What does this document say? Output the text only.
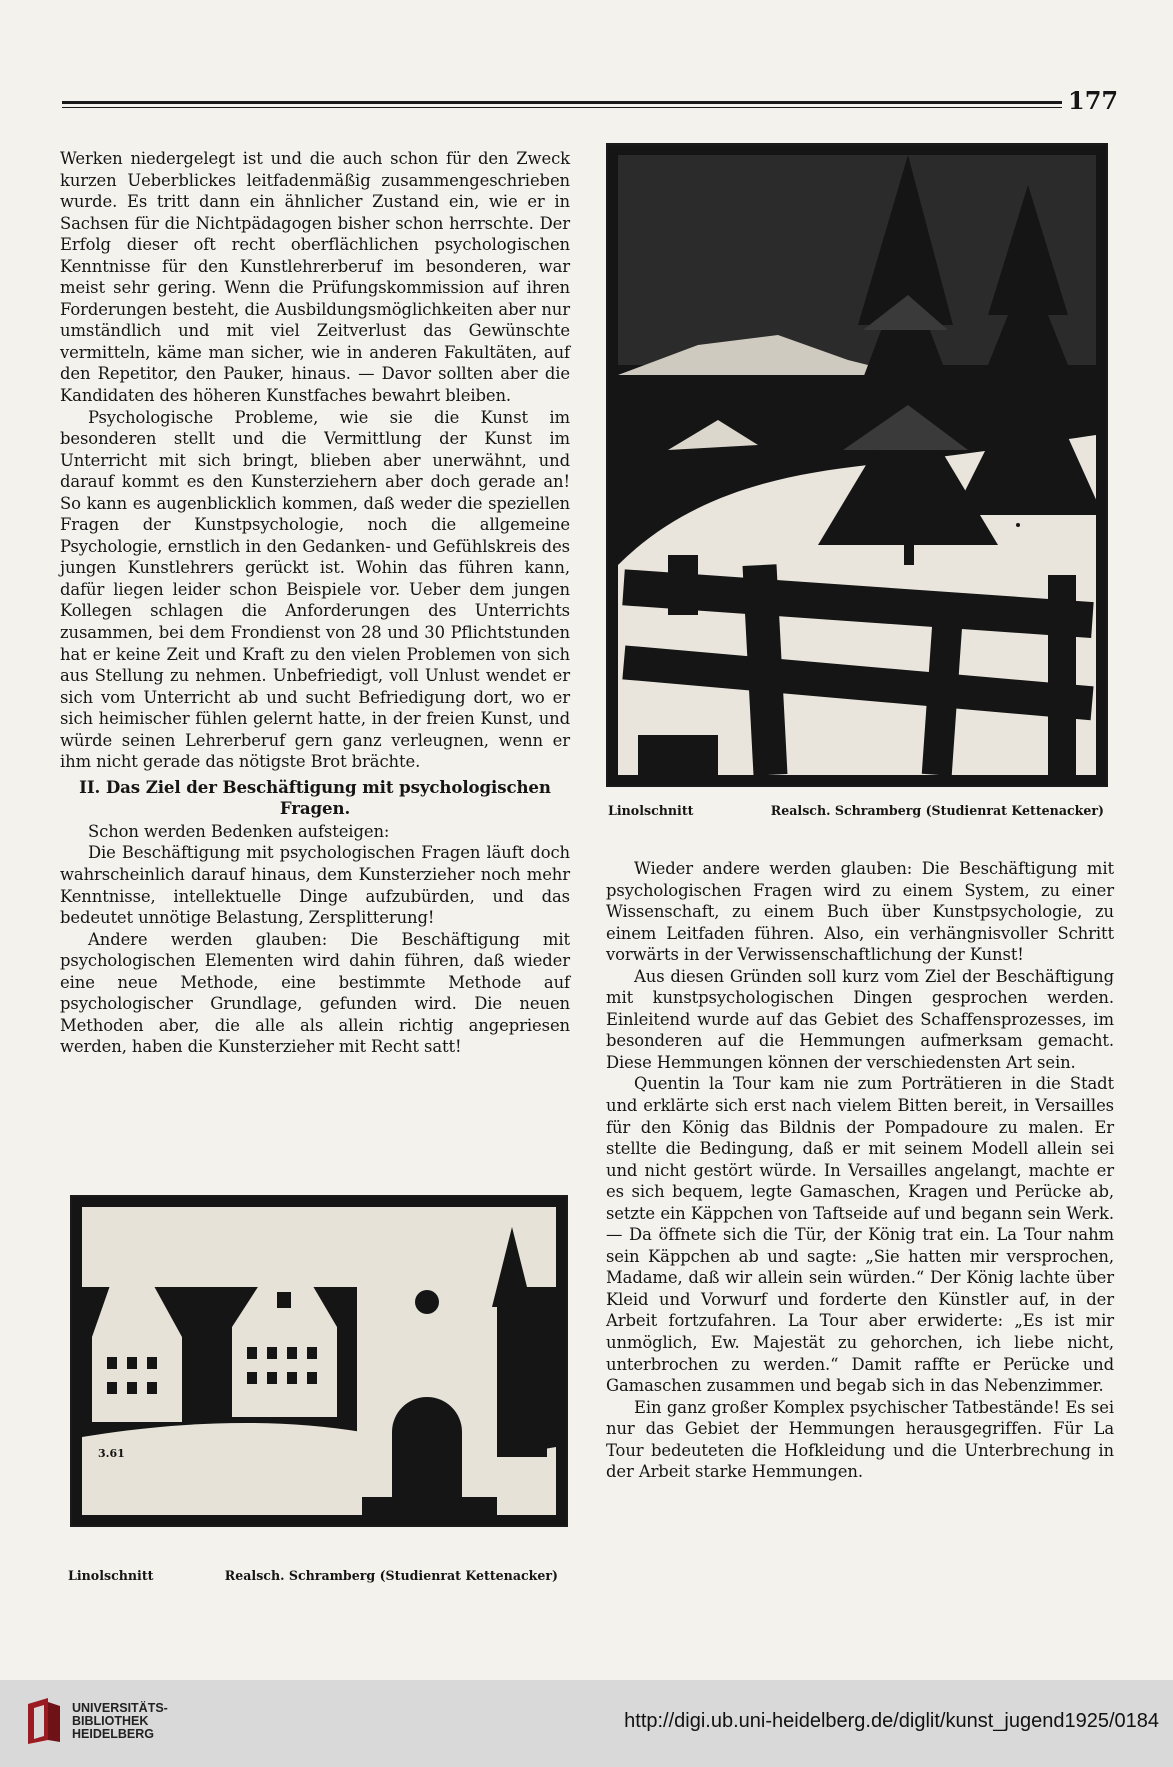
177

Werken niedergelegt ist und die auch schon für den Zweck kurzen Ueberblickes leitfadenmäßig zusammengeschrieben wurde. Es tritt dann ein ähnlicher Zustand ein, wie er in Sachsen für die Nichtpädagogen bisher schon herrschte. Der Erfolg dieser oft recht oberflächlichen psychologischen Kenntnisse für den Kunstlehrerberuf im besonderen, war meist sehr gering. Wenn die Prüfungskommission auf ihren Forderungen besteht, die Ausbildungsmöglichkeiten aber nur umständlich und mit viel Zeitverlust das Gewünschte vermitteln, käme man sicher, wie in anderen Fakultäten, auf den Repetitor, den Pauker, hinaus. — Davor sollten aber die Kandidaten des höheren Kunstfaches bewahrt bleiben.

Psychologische Probleme, wie sie die Kunst im besonderen stellt und die Vermittlung der Kunst im Unterricht mit sich bringt, blieben aber unerwähnt, und darauf kommt es den Kunsterziehern aber doch gerade an! So kann es augenblicklich kommen, daß weder die speziellen Fragen der Kunstpsychologie, noch die allgemeine Psychologie, ernstlich in den Gedanken- und Gefühlskreis des jungen Kunstlehrers gerückt ist. Wohin das führen kann, dafür liegen leider schon Beispiele vor. Ueber dem jungen Kollegen schlagen die Anforderungen des Unterrichts zusammen, bei dem Frondienst von 28 und 30 Pflichtstunden hat er keine Zeit und Kraft zu den vielen Problemen von sich aus Stellung zu nehmen. Unbefriedigt, voll Unlust wendet er sich vom Unterricht ab und sucht Befriedigung dort, wo er sich heimischer fühlen gelernt hatte, in der freien Kunst, und würde seinen Lehrerberuf gern ganz verleugnen, wenn er ihm nicht gerade das nötigste Brot brächte.

II. Das Ziel der Beschäftigung mit psychologischen Fragen.

Schon werden Bedenken aufsteigen:

Die Beschäftigung mit psychologischen Fragen läuft doch wahrscheinlich darauf hinaus, dem Kunsterzieher noch mehr Kenntnisse, intellektuelle Dinge aufzubürden, und das bedeutet unnötige Belastung, Zersplitterung!

Andere werden glauben: Die Beschäftigung mit psychologischen Elementen wird dahin führen, daß wieder eine neue Methode, eine bestimmte Methode auf psychologischer Grundlage, gefunden wird. Die neuen Methoden aber, die alle als allein richtig angepriesen werden, haben die Kunsterzieher mit Recht satt!

Linolschnitt	Realsch. Schramberg (Studienrat Kettenacker)

Wieder andere werden glauben: Die Beschäftigung mit psychologischen Fragen wird zu einem System, zu einer Wissenschaft, zu einem Buch über Kunstpsychologie, zu einem Leitfaden führen. Also, ein verhängnisvoller Schritt vorwärts in der Verwissenschaftlichung der Kunst!

Aus diesen Gründen soll kurz vom Ziel der Beschäftigung mit kunstpsychologischen Dingen gesprochen werden. Einleitend wurde auf das Gebiet des Schaffensprozesses, im besonderen auf die Hemmungen aufmerksam gemacht. Diese Hemmungen können der verschiedensten Art sein.

Quentin la Tour kam nie zum Porträtieren in die Stadt und erklärte sich erst nach vielem Bitten bereit, in Versailles für den König das Bildnis der Pompadoure zu malen. Er stellte die Bedingung, daß er mit seinem Modell allein sei und nicht gestört würde. In Versailles angelangt, machte er es sich bequem, legte Gamaschen, Kragen und Perücke ab, setzte ein Käppchen von Taftseide auf und begann sein Werk. — Da öffnete sich die Tür, der König trat ein. La Tour nahm sein Käppchen ab und sagte: „Sie hatten mir versprochen, Madame, daß wir allein sein würden.“ Der König lachte über Kleid und Vorwurf und forderte den Künstler auf, in der Arbeit fortzufahren. La Tour aber erwiderte: „Es ist mir unmöglich, Ew. Majestät zu gehorchen, ich liebe nicht, unterbrochen zu werden.“ Damit raffte er Perücke und Gamaschen zusammen und begab sich in das Nebenzimmer.

Ein ganz großer Komplex psychischer Tatbestände! Es sei nur das Gebiet der Hemmungen herausgegriffen. Für La Tour bedeuteten die Hofkleidung und die Unterbrechung in der Arbeit starke Hemmungen.

3.61
Linolschnitt	Realsch. Schramberg (Studienrat Kettenacker)
UNIVERSITÄTS-
BIBLIOTHEK
HEIDELBERG
http://digi.ub.uni-heidelberg.de/diglit/kunst_jugend1925/0184
